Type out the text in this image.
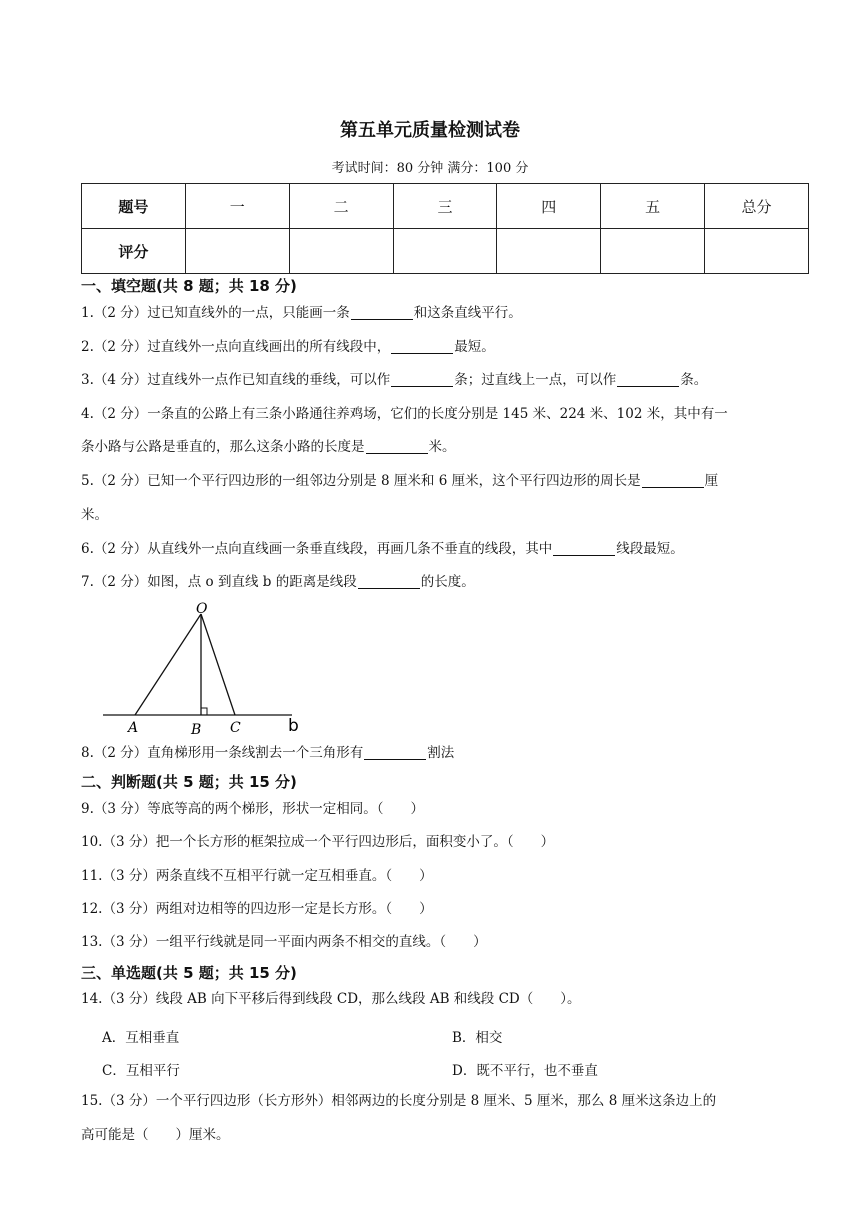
第五单元质量检测试卷
考试时间：80 分钟 满分：100 分
题号	一	二	三	四	五	总分
评分						
一、填空题(共 8 题；共 18 分)
1.（2 分）过已知直线外的一点，只能画一条	和这条直线平行。
2.（2 分）过直线外一点向直线画出的所有线段中，	最短。
3.（4 分）过直线外一点作已知直线的垂线，可以作	条；过直线上一点，可以作	条。
4.（2 分）一条直的公路上有三条小路通往养鸡场，它们的长度分别是 145 米、224 米、102 米，其中有一
条小路与公路是垂直的，那么这条小路的长度是	米。
5.（2 分）已知一个平行四边形的一组邻边分别是 8 厘米和 6 厘米，这个平行四边形的周长是	厘
米。
6.（2 分）从直线外一点向直线画一条垂直线段，再画几条不垂直的线段，其中	线段最短。
7.（2 分）如图，点 o 到直线 b 的距离是线段	的长度。
O
A	B C	b
8.（2 分）直角梯形用一条线割去一个三角形有	割法
二、判断题(共 5 题；共 15 分)
9.（3 分）等底等高的两个梯形，形状一定相同。（　　）
10.（3 分）把一个长方形的框架拉成一个平行四边形后，面积变小了。（　　）
11.（3 分）两条直线不互相平行就一定互相垂直。（　　）
12.（3 分）两组对边相等的四边形一定是长方形。（　　）
13.（3 分）一组平行线就是同一平面内两条不相交的直线。（　　）
三、单选题(共 5 题；共 15 分)
14.（3 分）线段 AB 向下平移后得到线段 CD，那么线段 AB 和线段 CD（　　）。
A．互相垂直	B．相交
C．互相平行	D．既不平行，也不垂直
15.（3 分）一个平行四边形（长方形外）相邻两边的长度分别是 8 厘米、5 厘米，那么 8 厘米这条边上的
高可能是（　　）厘米。
